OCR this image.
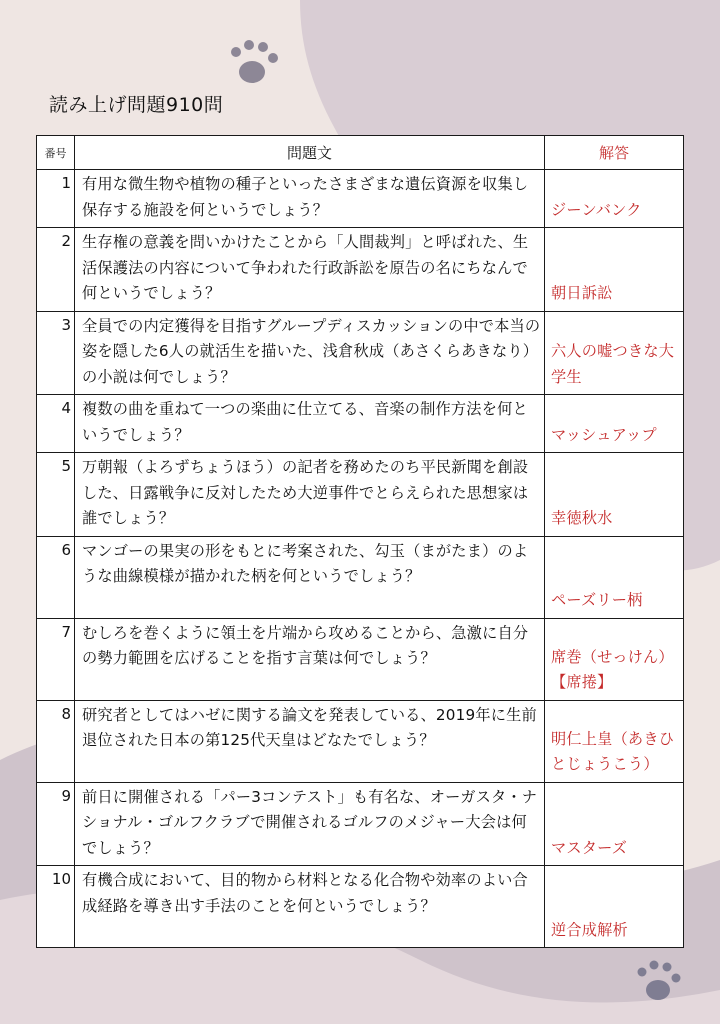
読み上げ問題910問
番号	問題文	解答
1	有用な微生物や植物の種子といったさまざまな遺伝資源を収集し保存する施設を何というでしょう？	ジーンバンク
2	生存権の意義を問いかけたことから「人間裁判」と呼ばれた、生活保護法の内容について争われた行政訴訟を原告の名にちなんで何というでしょう？	朝日訴訟
3	全員での内定獲得を目指すグループディスカッションの中で本当の姿を隠した6人の就活生を描いた、浅倉秋成（あさくらあきなり）の小説は何でしょう？	六人の嘘つきな大学生
4	複数の曲を重ねて一つの楽曲に仕立てる、音楽の制作方法を何というでしょう？	マッシュアップ
5	万朝報（よろずちょうほう）の記者を務めたのち平民新聞を創設した、日露戦争に反対したため大逆事件でとらえられた思想家は誰でしょう？	幸徳秋水
6	マンゴーの果実の形をもとに考案された、勾玉（まがたま）のような曲線模様が描かれた柄を何というでしょう？	ペーズリー柄
7	むしろを巻くように領土を片端から攻めることから、急激に自分の勢力範囲を広げることを指す言葉は何でしょう？	席巻（せっけん）【席捲】
8	研究者としてはハゼに関する論文を発表している、2019年に生前退位された日本の第125代天皇はどなたでしょう？	明仁上皇（あきひとじょうこう）
9	前日に開催される「パー3コンテスト」も有名な、オーガスタ・ナショナル・ゴルフクラブで開催されるゴルフのメジャー大会は何でしょう？	マスターズ
10	有機合成において、目的物から材料となる化合物や効率のよい合成経路を導き出す手法のことを何というでしょう？	逆合成解析
